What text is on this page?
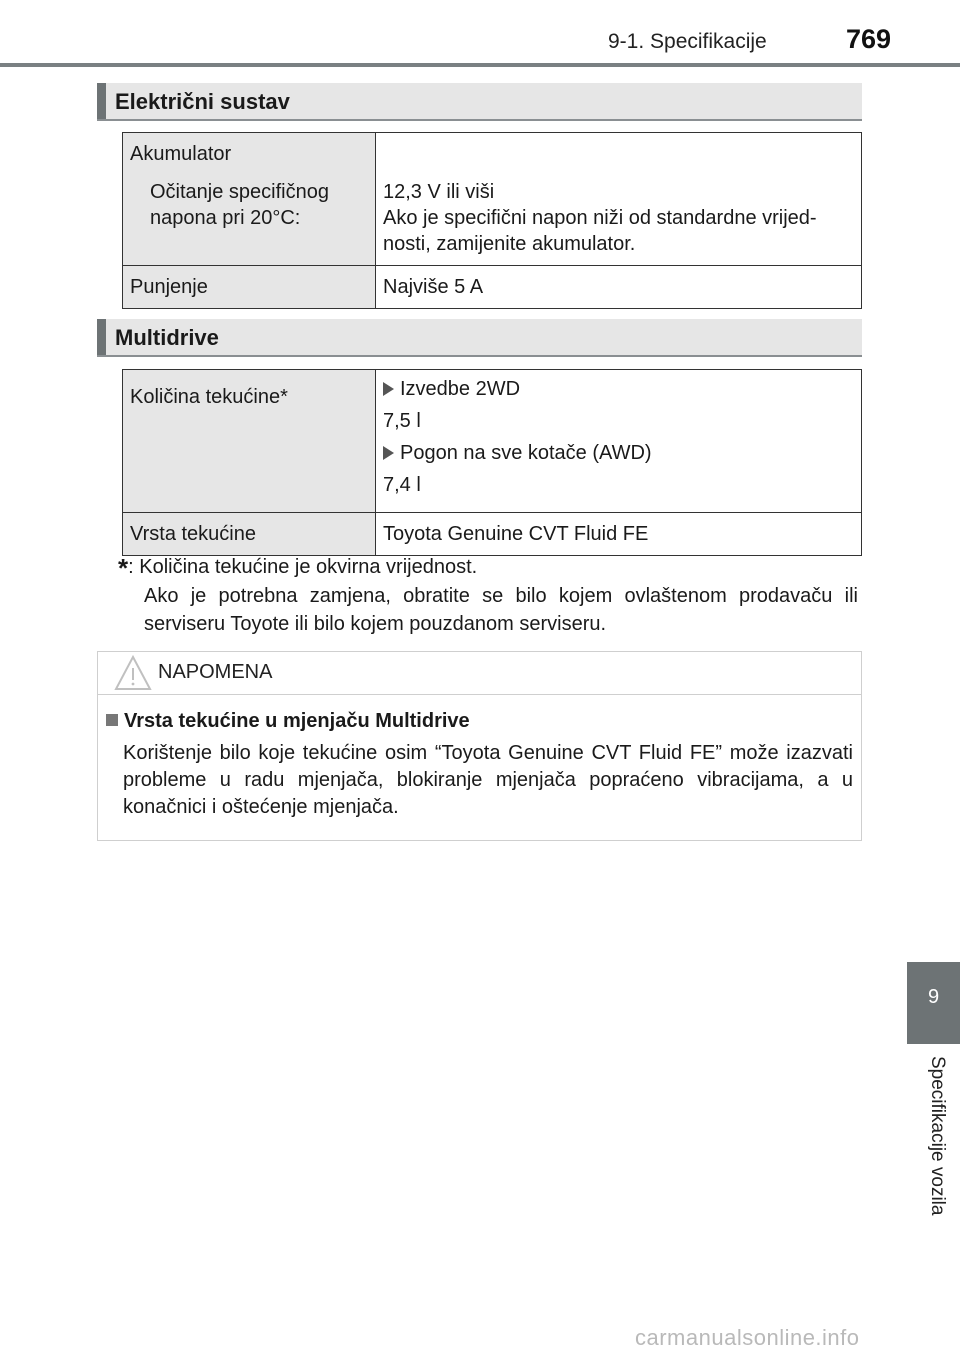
9-1. Specifikacije	769
Električni sustav
Akumulator
Očitanje specifičnog
napona pri 20°C:	12,3 V ili viši
Ako je specifični napon niži od standardne vrijed-
nosti, zamijenite akumulator.

Punjenje	Najviše 5 A
Multidrive
Količina tekućine*	Izvedbe 2WD
7,5 l
Pogon na sve kotače (AWD)
7,4 l

Vrsta tekućine	Toyota Genuine CVT Fluid FE
*: Količina tekućine je okvirna vrijednost.
Ako je potrebna zamjena, obratite se bilo kojem ovlaštenom prodavaču ili serviseru Toyote ili bilo kojem pouzdanom serviseru.
NAPOMENA
Vrsta tekućine u mjenjaču Multidrive
Korištenje bilo koje tekućine osim “Toyota Genuine CVT Fluid FE” može izazvati probleme u radu mjenjača, blokiranje mjenjača popraćeno vibracijama, a u konačnici i oštećenje mjenjača.
9
Specifikacije vozila
carmanualsonline.info
